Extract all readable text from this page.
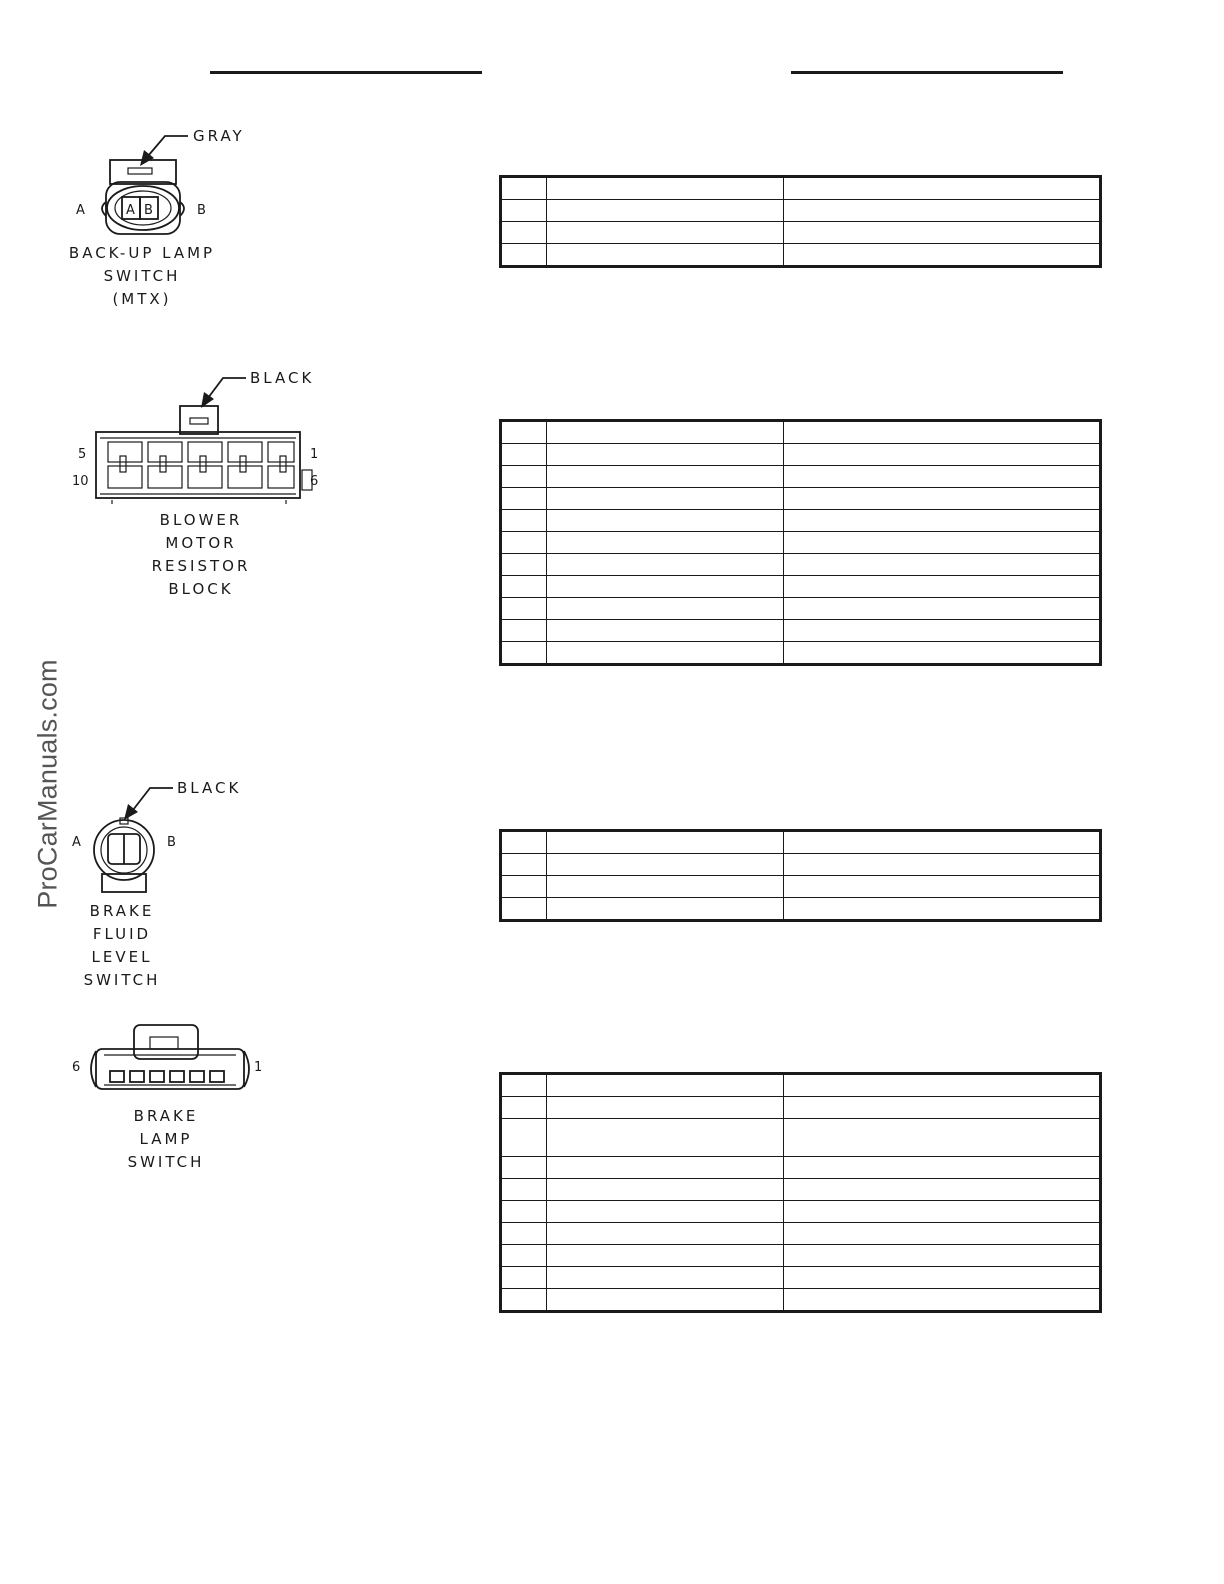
ProCarManuals.com
GRAY
A B
A	B
BACK-UP LAMP
SWITCH
(MTX)
BLACK
5
10
1
6
BLOWER
MOTOR
RESISTOR
BLOCK
BLACK
A	B
BRAKE
FLUID
LEVEL
SWITCH
6	1
BRAKE
LAMP
SWITCH
